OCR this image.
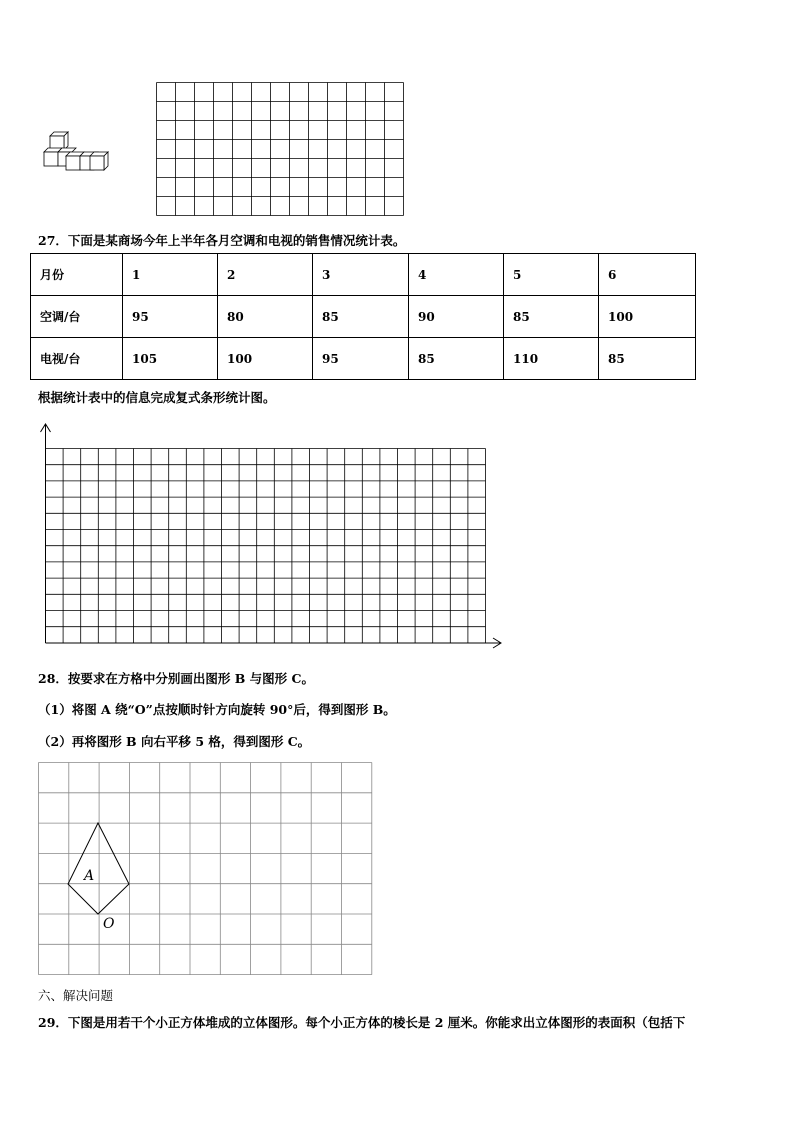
27．下面是某商场今年上半年各月空调和电视的销售情况统计表。
月份	1	2	3	4	5	6
空调/台	95	80	85	90	85	100
电视/台	105	100	95	85	110	85
根据统计表中的信息完成复式条形统计图。
28．按要求在方格中分别画出图形 B 与图形 C。
（1）将图 A 绕“O”点按顺时针方向旋转 90°后，得到图形 B。
（2）再将图形 B 向右平移 5 格，得到图形 C。
A
O
六、解决问题
29．下图是用若干个小正方体堆成的立体图形。每个小正方体的棱长是 2 厘米。你能求出立体图形的表面积（包括下
